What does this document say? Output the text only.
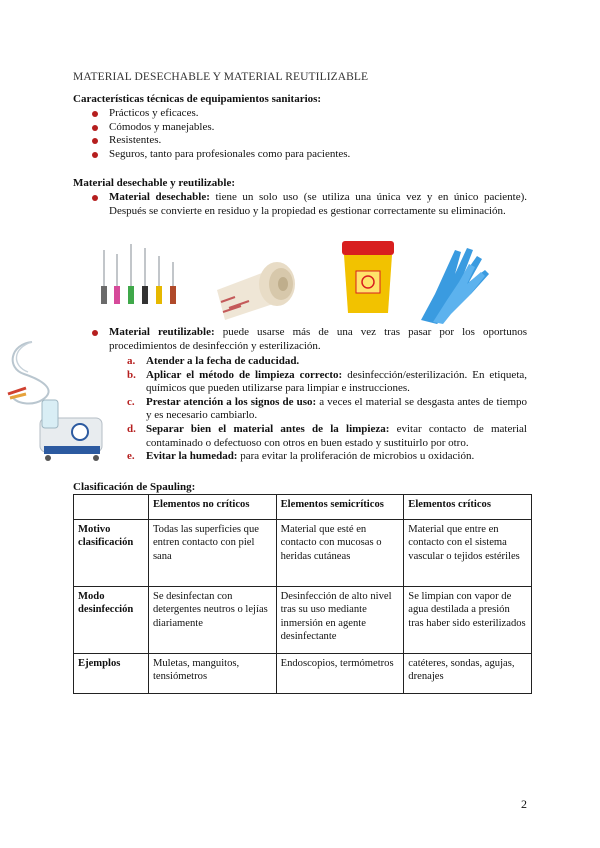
MATERIAL DESECHABLE Y MATERIAL REUTILIZABLE
Características técnicas de equipamientos sanitarios:
Prácticos y eficaces.
Cómodos y manejables.
Resistentes.
Seguros, tanto para profesionales como para pacientes.
Material desechable y reutilizable:
Material desechable: tiene un solo uso (se utiliza una única vez y en único paciente). Después se convierte en residuo y la propiedad es gestionar correctamente su eliminación.
Material reutilizable: puede usarse más de una vez tras pasar por los oportunos procedimientos de desinfección y esterilización.
a. Atender a la fecha de caducidad.
b. Aplicar el método de limpieza correcto: desinfección/esterilización. En etiqueta, químicos que pueden utilizarse para limpiar e instrucciones.
c. Prestar atención a los signos de uso: a veces el material se desgasta antes de tiempo y es necesario cambiarlo.
d. Separar bien el material antes de la limpieza: evitar contacto de material contaminado o defectuoso con otros en buen estado y sustituirlo por otro.
e. Evitar la humedad: para evitar la proliferación de microbios u oxidación.
Clasificación de Spauling:
	Elementos no críticos	Elementos semicríticos	Elementos críticos
Motivo clasificación	Todas las superficies que entren contacto con piel sana	Material que esté en contacto con mucosas o heridas cutáneas	Material que entre en contacto con el sistema vascular o tejidos estériles
Modo desinfección	Se desinfectan con detergentes neutros o lejías diariamente	Desinfección de alto nivel tras su uso mediante inmersión en agente desinfectante	Se limpian con vapor de agua destilada a presión tras haber sido esterilizados
Ejemplos	Muletas, manguitos, tensiómetros	Endoscopios, termómetros	catéteres, sondas, agujas, drenajes
2
